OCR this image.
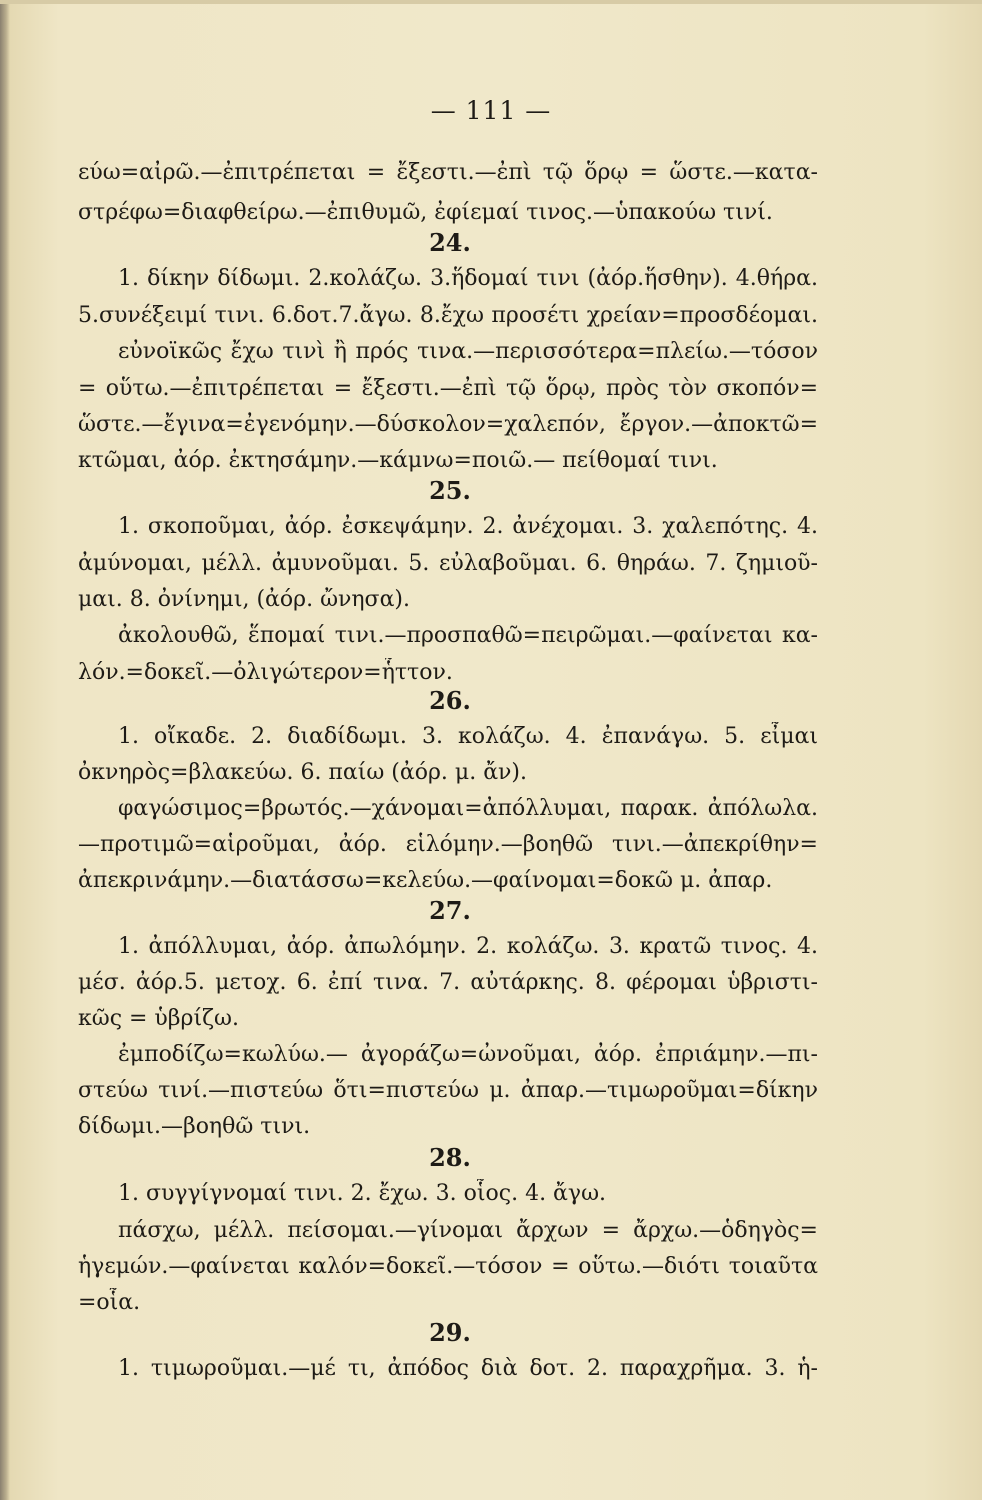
— 111 —
εύω=αἰρῶ.—ἐπιτρέπεται = ἔξεστι.—ἐπὶ τῷ ὅρῳ = ὥστε.—κατα-
στρέφω=διαφθείρω.—ἐπιθυμῶ, ἐφίεμαί τινος.—ὑπακούω τινί.
24.
1. δίκην δίδωμι. 2.κολάζω. 3.ἥδομαί τινι (ἀόρ.ἥσθην). 4.θήρα.
5.συνέξειμί τινι. 6.δοτ.7.ἄγω. 8.ἔχω προσέτι χρείαν=προσδέομαι.
εὐνοϊκῶς ἔχω τινὶ ἢ πρός τινα.—περισσότερα=πλείω.—τόσον
= οὕτω.—ἐπιτρέπεται = ἔξεστι.—ἐπὶ τῷ ὅρῳ, πρὸς τὸν σκοπόν=
ὥστε.—ἔγινα=ἐγενόμην.—δύσκολον=χαλεπόν, ἔργον.—ἀποκτῶ=
κτῶμαι, ἀόρ. ἐκτησάμην.—κάμνω=ποιῶ.— πείθομαί τινι.
25.
1. σκοποῦμαι, ἀόρ. ἐσκεψάμην. 2. ἀνέχομαι. 3. χαλεπότης. 4.
ἀμύνομαι, μέλλ. ἀμυνοῦμαι. 5. εὐλαβοῦμαι. 6. θηράω. 7. ζημιοῦ-
μαι. 8. ὀνίνημι, (ἀόρ. ὤνησα).
ἀκολουθῶ, ἕπομαί τινι.—προσπαθῶ=πειρῶμαι.—φαίνεται κα-
λόν.=δοκεῖ.—ὀλιγώτερον=ἧττον.
26.
1. οἴκαδε. 2. διαδίδωμι. 3. κολάζω. 4. ἐπανάγω. 5. εἶμαι
ὀκνηρὸς=βλακεύω. 6. παίω (ἀόρ. μ. ἄν).
φαγώσιμος=βρωτός.—χάνομαι=ἀπόλλυμαι, παρακ. ἀπόλωλα.
—προτιμῶ=αἱροῦμαι, ἀόρ. εἱλόμην.—βοηθῶ τινι.—ἀπεκρίθην=
ἀπεκρινάμην.—διατάσσω=κελεύω.—φαίνομαι=δοκῶ μ. ἀπαρ.
27.
1. ἀπόλλυμαι, ἀόρ. ἀπωλόμην. 2. κολάζω. 3. κρατῶ τινος. 4.
μέσ. ἀόρ.5. μετοχ. 6. ἐπί τινα. 7. αὐτάρκης. 8. φέρομαι ὑβριστι-
κῶς = ὑβρίζω.
ἐμποδίζω=κωλύω.— ἀγοράζω=ὠνοῦμαι, ἀόρ. ἐπριάμην.—πι-
στεύω τινί.—πιστεύω ὅτι=πιστεύω μ. ἀπαρ.—τιμωροῦμαι=δίκην
δίδωμι.—βοηθῶ τινι.
28.
1. συγγίγνομαί τινι. 2. ἔχω. 3. οἷος. 4. ἄγω.
πάσχω, μέλλ. πείσομαι.—γίνομαι ἄρχων = ἄρχω.—ὁδηγὸς=
ἡγεμών.—φαίνεται καλόν=δοκεῖ.—τόσον = οὕτω.—διότι τοιαῦτα
=οἷα.
29.
1. τιμωροῦμαι.—μέ τι, ἀπόδος διὰ δοτ. 2. παραχρῆμα. 3. ἡ-
